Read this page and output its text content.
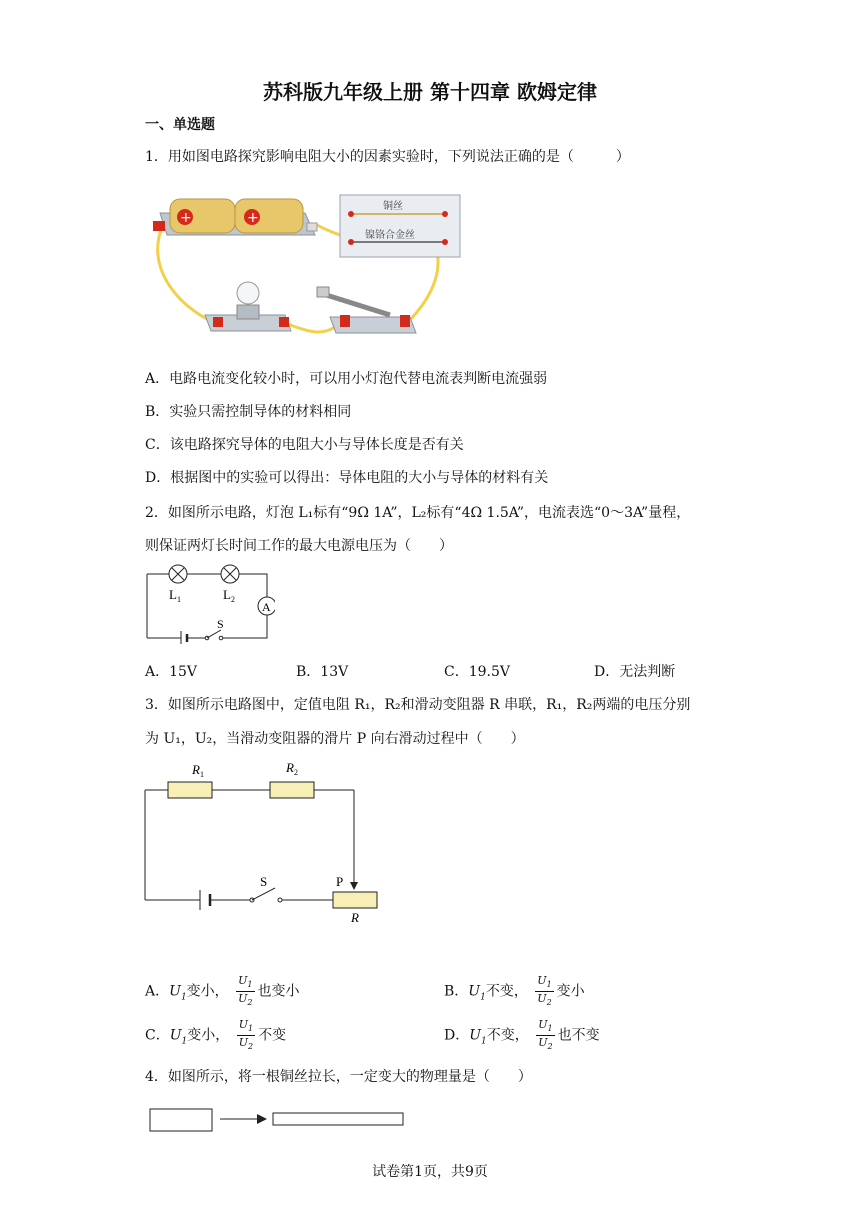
苏科版九年级上册 第十四章 欧姆定律
一、单选题
1．用如图电路探究影响电阻大小的因素实验时，下列说法正确的是（　　　）
+	+
铜丝
镍铬合金丝
A．电路电流变化较小时，可以用小灯泡代替电流表判断电流强弱
B．实验只需控制导体的材料相同
C．该电路探究导体的电阻大小与导体长度是否有关
D．根据图中的实验可以得出：导体电阻的大小与导体的材料有关
2．如图所示电路，灯泡 L₁标有“9Ω 1A”，L₂标有“4Ω 1.5A”，电流表选“0～3A”量程，
则保证两灯长时间工作的最大电源电压为（　　）
$L_1$	$L_2$
A
S
A．15V	B．13V	C．19.5V	D．无法判断
3．如图所示电路图中，定值电阻 R₁，R₂和滑动变阻器 R 串联，R₁，R₂两端的电压分别
为 U₁，U₂，当滑动变阻器的滑片 P 向右滑动过程中（　　）
$R_1$	$R_2$
S	P
R
A．$U_1$变小， $\frac{U_1}{U_2}$ 也变小	B．$U_1$不变， $\frac{U_1}{U_2}$ 变小
C．$U_1$变小， $\frac{U_1}{U_2}$ 不变	D．$U_1$不变， $\frac{U_1}{U_2}$ 也不变
4．如图所示，将一根铜丝拉长，一定变大的物理量是（　　）
试卷第1页，共9页
